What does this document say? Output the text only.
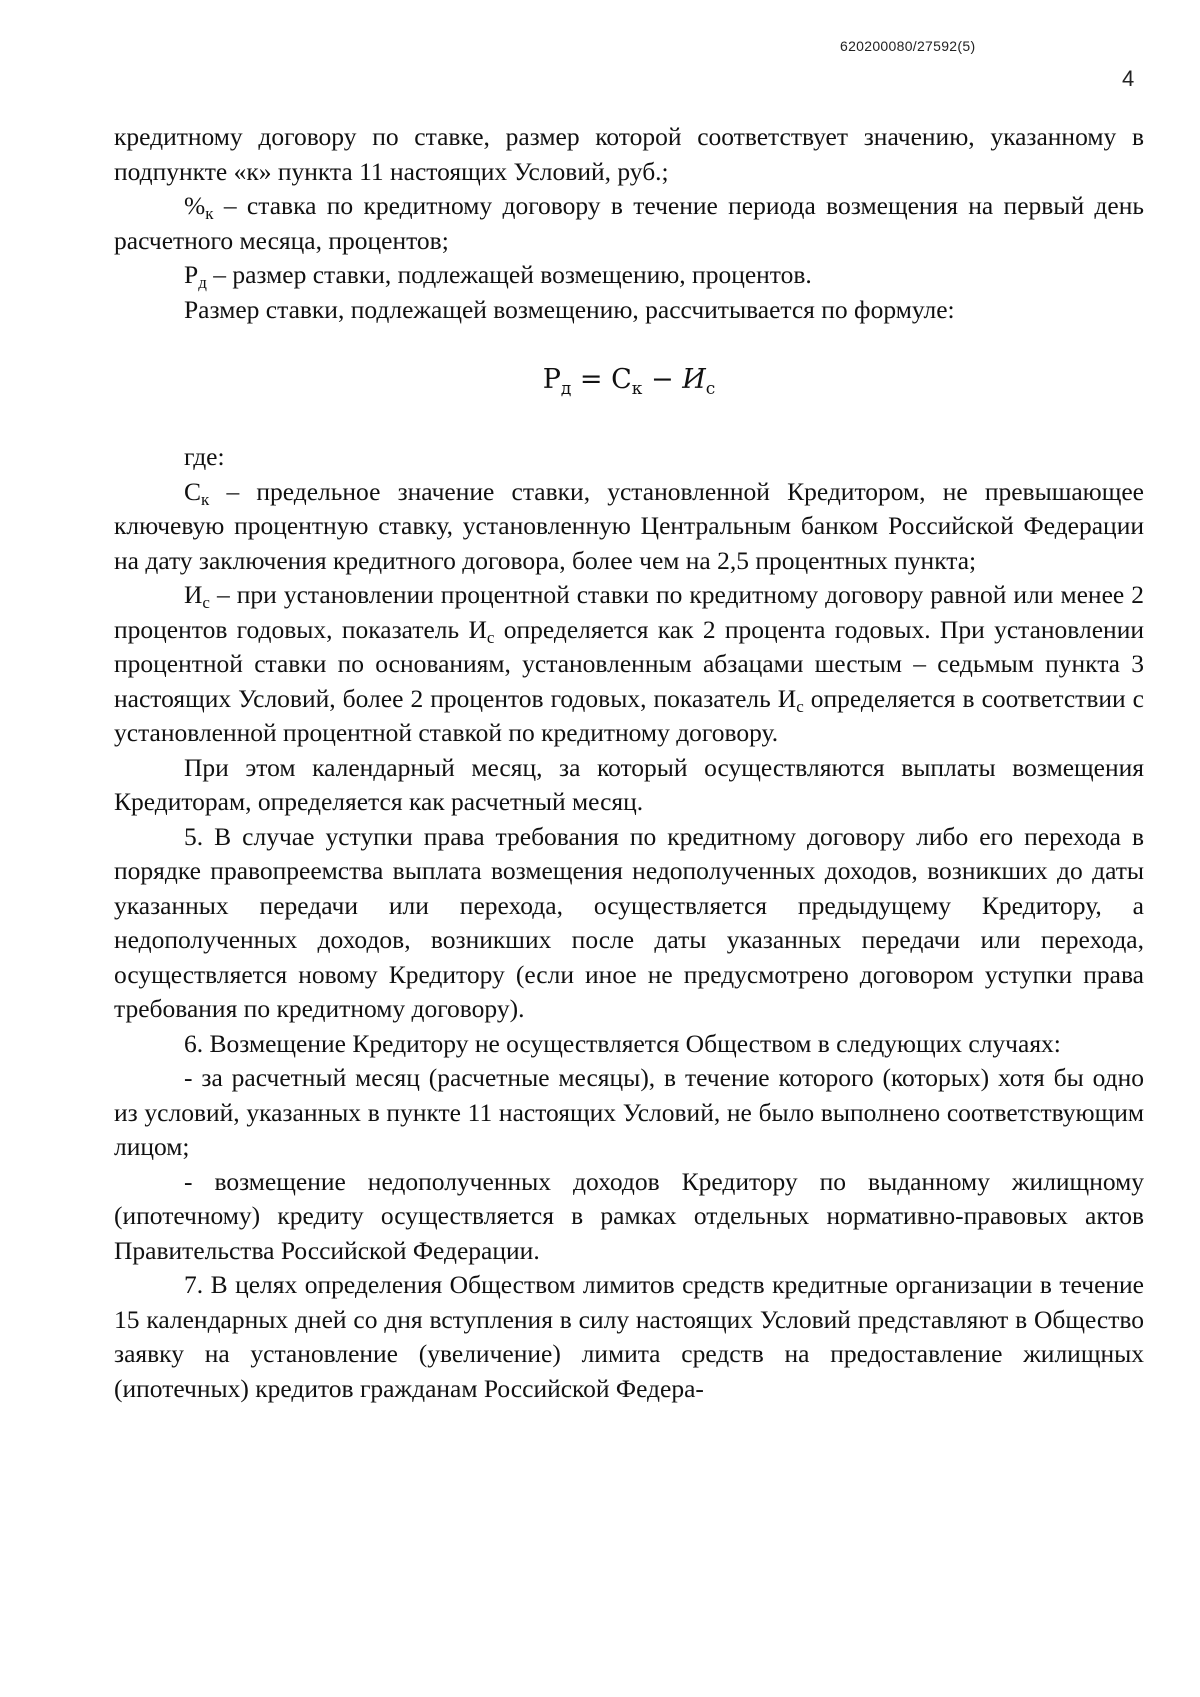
620200080/27592(5)
4

кредитному договору по ставке, размер которой соответствует значению, указанному в подпункте «к» пункта 11 настоящих Условий, руб.;

$\%_к$ – ставка по кредитному договору в течение периода возмещения на первый день расчетного месяца, процентов;

$Р_д$ – размер ставки, подлежащей возмещению, процентов.

Размер ставки, подлежащей возмещению, рассчитывается по формуле:

$Р_д = С_к - И_с$

где:

$С_к$ – предельное значение ставки, установленной Кредитором, не превышающее ключевую процентную ставку, установленную Центральным банком Российской Федерации на дату заключения кредитного договора, более чем на 2,5 процентных пункта;

$И_с$ – при установлении процентной ставки по кредитному договору равной или менее 2 процентов годовых, показатель $И_с$ определяется как 2 процента годовых. При установлении процентной ставки по основаниям, установленным абзацами шестым – седьмым пункта 3 настоящих Условий, более 2 процентов годовых, показатель $И_с$ определяется в соответствии с установленной процентной ставкой по кредитному договору.

При этом календарный месяц, за который осуществляются выплаты возмещения Кредиторам, определяется как расчетный месяц.

5. В случае уступки права требования по кредитному договору либо его перехода в порядке правопреемства выплата возмещения недополученных доходов, возникших до даты указанных передачи или перехода, осуществляется предыдущему Кредитору, а недополученных доходов, возникших после даты указанных передачи или перехода, осуществляется новому Кредитору (если иное не предусмотрено договором уступки права требования по кредитному договору).

6. Возмещение Кредитору не осуществляется Обществом в следующих случаях:

- за расчетный месяц (расчетные месяцы), в течение которого (которых) хотя бы одно из условий, указанных в пункте 11 настоящих Условий, не было выполнено соответствующим лицом;

- возмещение недополученных доходов Кредитору по выданному жилищному (ипотечному) кредиту осуществляется в рамках отдельных нормативно-правовых актов Правительства Российской Федерации.

7. В целях определения Обществом лимитов средств кредитные организации в течение 15 календарных дней со дня вступления в силу настоящих Условий представляют в Общество заявку на установление (увеличение) лимита средств на предоставление жилищных (ипотечных) кредитов гражданам Российской Федера-
